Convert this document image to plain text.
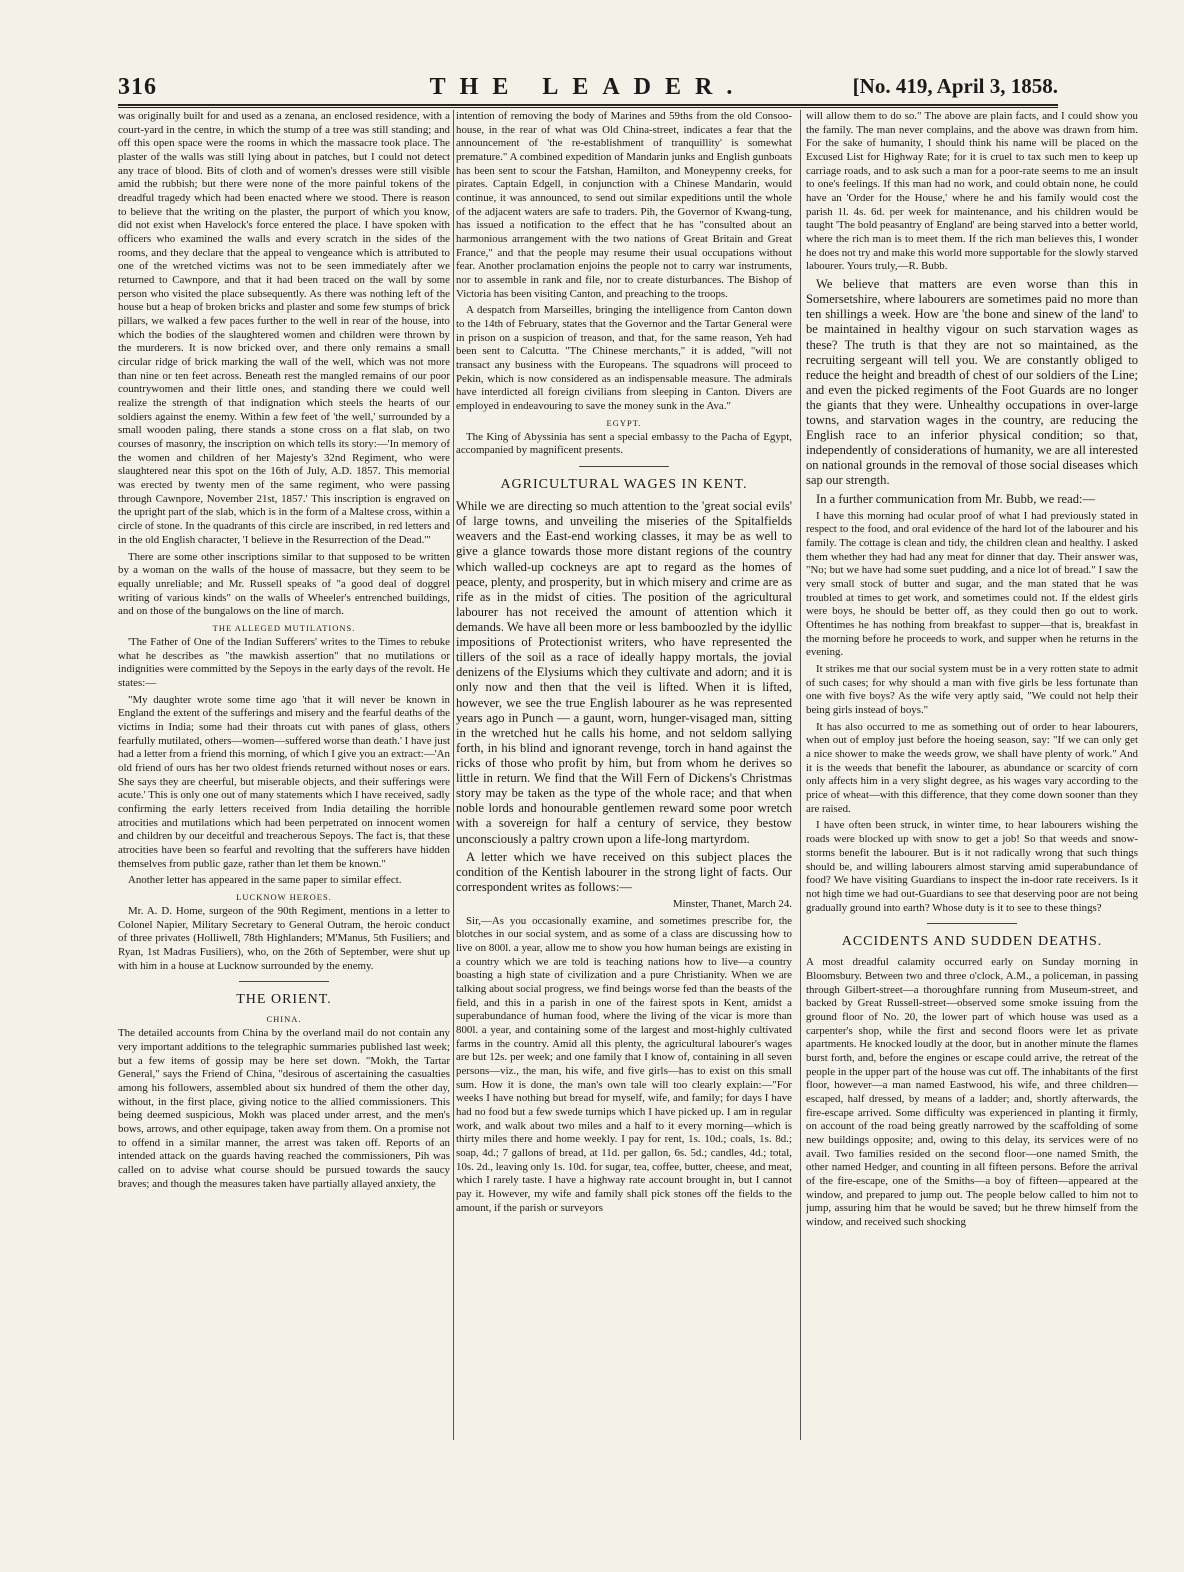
316	THE LEADER.	[No. 419, April 3, 1858.

was originally built for and used as a zenana, an enclosed residence, with a court-yard in the centre, in which the stump of a tree was still standing; and off this open space were the rooms in which the massacre took place. The plaster of the walls was still lying about in patches, but I could not detect any trace of blood. Bits of cloth and of women's dresses were still visible amid the rubbish; but there were none of the more painful tokens of the dreadful tragedy which had been enacted where we stood. There is reason to believe that the writing on the plaster, the purport of which you know, did not exist when Havelock's force entered the place. I have spoken with officers who examined the walls and every scratch in the sides of the rooms, and they declare that the appeal to vengeance which is attributed to one of the wretched victims was not to be seen immediately after we returned to Cawnpore, and that it had been traced on the wall by some person who visited the place subsequently. As there was nothing left of the house but a heap of broken bricks and plaster and some few stumps of brick pillars, we walked a few paces further to the well in rear of the house, into which the bodies of the slaughtered women and children were thrown by the murderers. It is now bricked over, and there only remains a small circular ridge of brick marking the wall of the well, which was not more than nine or ten feet across. Beneath rest the mangled remains of our poor countrywomen and their little ones, and standing there we could well realize the strength of that indignation which steels the hearts of our soldiers against the enemy. Within a few feet of 'the well,' surrounded by a small wooden paling, there stands a stone cross on a flat slab, on two courses of masonry, the inscription on which tells its story:—'In memory of the women and children of her Majesty's 32nd Regiment, who were slaughtered near this spot on the 16th of July, A.D. 1857. This memorial was erected by twenty men of the same regiment, who were passing through Cawnpore, November 21st, 1857.' This inscription is engraved on the upright part of the slab, which is in the form of a Maltese cross, within a circle of stone. In the quadrants of this circle are inscribed, in red letters and in the old English character, 'I believe in the Resurrection of the Dead.'"

There are some other inscriptions similar to that supposed to be written by a woman on the walls of the house of massacre, but they seem to be equally unreliable; and Mr. Russell speaks of "a good deal of doggrel writing of various kinds" on the walls of Wheeler's entrenched buildings, and on those of the bungalows on the line of march.

THE ALLEGED MUTILATIONS.

'The Father of One of the Indian Sufferers' writes to the Times to rebuke what he describes as "the mawkish assertion" that no mutilations or indignities were committed by the Sepoys in the early days of the revolt. He states:—

"My daughter wrote some time ago 'that it will never be known in England the extent of the sufferings and misery and the fearful deaths of the victims in India; some had their throats cut with panes of glass, others fearfully mutilated, others—women—suffered worse than death.' I have just had a letter from a friend this morning, of which I give you an extract:—'An old friend of ours has her two oldest friends returned without noses or ears. She says they are cheerful, but miserable objects, and their sufferings were acute.' This is only one out of many statements which I have received, sadly confirming the early letters received from India detailing the horrible atrocities and mutilations which had been perpetrated on innocent women and children by our deceitful and treacherous Sepoys. The fact is, that these atrocities have been so fearful and revolting that the sufferers have hidden themselves from public gaze, rather than let them be known."

Another letter has appeared in the same paper to similar effect.

LUCKNOW HEROES.

Mr. A. D. Home, surgeon of the 90th Regiment, mentions in a letter to Colonel Napier, Military Secretary to General Outram, the heroic conduct of three privates (Holliwell, 78th Highlanders; M'Manus, 5th Fusiliers; and Ryan, 1st Madras Fusiliers), who, on the 26th of September, were shut up with him in a house at Lucknow surrounded by the enemy.

THE ORIENT.
CHINA.

The detailed accounts from China by the overland mail do not contain any very important additions to the telegraphic summaries published last week; but a few items of gossip may be here set down. "Mokh, the Tartar General," says the Friend of China, "desirous of ascertaining the casualties among his followers, assembled about six hundred of them the other day, without, in the first place, giving notice to the allied commissioners. This being deemed suspicious, Mokh was placed under arrest, and the men's bows, arrows, and other equipage, taken away from them. On a promise not to offend in a similar manner, the arrest was taken off. Reports of an intended attack on the guards having reached the commissioners, Pih was called on to advise what course should be pursued towards the saucy braves; and though the measures taken have partially allayed anxiety, the

intention of removing the body of Marines and 59ths from the old Consoo-house, in the rear of what was Old China-street, indicates a fear that the announcement of 'the re-establishment of tranquillity' is somewhat premature." A combined expedition of Mandarin junks and English gunboats has been sent to scour the Fatshan, Hamilton, and Moneypenny creeks, for pirates. Captain Edgell, in conjunction with a Chinese Mandarin, would continue, it was announced, to send out similar expeditions until the whole of the adjacent waters are safe to traders. Pih, the Governor of Kwang-tung, has issued a notification to the effect that he has "consulted about an harmonious arrangement with the two nations of Great Britain and Great France," and that the people may resume their usual occupations without fear. Another proclamation enjoins the people not to carry war instruments, nor to assemble in rank and file, nor to create disturbances. The Bishop of Victoria has been visiting Canton, and preaching to the troops.

A despatch from Marseilles, bringing the intelligence from Canton down to the 14th of February, states that the Governor and the Tartar General were in prison on a suspicion of treason, and that, for the same reason, Yeh had been sent to Calcutta. "The Chinese merchants," it is added, "will not transact any business with the Europeans. The squadrons will proceed to Pekin, which is now considered as an indispensable measure. The admirals have interdicted all foreign civilians from sleeping in Canton. Divers are employed in endeavouring to save the money sunk in the Ava."

EGYPT.

The King of Abyssinia has sent a special embassy to the Pacha of Egypt, accompanied by magnificent presents.

AGRICULTURAL WAGES IN KENT.

While we are directing so much attention to the 'great social evils' of large towns, and unveiling the miseries of the Spitalfields weavers and the East-end working classes, it may be as well to give a glance towards those more distant regions of the country which walled-up cockneys are apt to regard as the homes of peace, plenty, and prosperity, but in which misery and crime are as rife as in the midst of cities. The position of the agricultural labourer has not received the amount of attention which it demands. We have all been more or less bamboozled by the idyllic impositions of Protectionist writers, who have represented the tillers of the soil as a race of ideally happy mortals, the jovial denizens of the Elysiums which they cultivate and adorn; and it is only now and then that the veil is lifted. When it is lifted, however, we see the true English labourer as he was represented years ago in Punch — a gaunt, worn, hunger-visaged man, sitting in the wretched hut he calls his home, and not seldom sallying forth, in his blind and ignorant revenge, torch in hand against the ricks of those who profit by him, but from whom he derives so little in return. We find that the Will Fern of Dickens's Christmas story may be taken as the type of the whole race; and that when noble lords and honourable gentlemen reward some poor wretch with a sovereign for half a century of service, they bestow unconsciously a paltry crown upon a life-long martyrdom.

A letter which we have received on this subject places the condition of the Kentish labourer in the strong light of facts. Our correspondent writes as follows:—

Minster, Thanet, March 24.

Sir,—As you occasionally examine, and sometimes prescribe for, the blotches in our social system, and as some of a class are discussing how to live on 800l. a year, allow me to show you how human beings are existing in a country which we are told is teaching nations how to live—a country boasting a high state of civilization and a pure Christianity. When we are talking about social progress, we find beings worse fed than the beasts of the field, and this in a parish in one of the fairest spots in Kent, amidst a superabundance of human food, where the living of the vicar is more than 800l. a year, and containing some of the largest and most-highly cultivated farms in the country. Amid all this plenty, the agricultural labourer's wages are but 12s. per week; and one family that I know of, containing in all seven persons—viz., the man, his wife, and five girls—has to exist on this small sum. How it is done, the man's own tale will too clearly explain:—"For weeks I have nothing but bread for myself, wife, and family; for days I have had no food but a few swede turnips which I have picked up. I am in regular work, and walk about two miles and a half to it every morning—which is thirty miles there and home weekly. I pay for rent, 1s. 10d.; coals, 1s. 8d.; soap, 4d.; 7 gallons of bread, at 11d. per gallon, 6s. 5d.; candles, 4d.; total, 10s. 2d., leaving only 1s. 10d. for sugar, tea, coffee, butter, cheese, and meat, which I rarely taste. I have a highway rate account brought in, but I cannot pay it. However, my wife and family shall pick stones off the fields to the amount, if the parish or surveyors

will allow them to do so." The above are plain facts, and I could show you the family. The man never complains, and the above was drawn from him. For the sake of humanity, I should think his name will be placed on the Excused List for Highway Rate; for it is cruel to tax such men to keep up carriage roads, and to ask such a man for a poor-rate seems to me an insult to one's feelings. If this man had no work, and could obtain none, he could have an 'Order for the House,' where he and his family would cost the parish 1l. 4s. 6d. per week for maintenance, and his children would be taught 'The bold peasantry of England' are being starved into a better world, where the rich man is to meet them. If the rich man believes this, I wonder he does not try and make this world more supportable for the slowly starved labourer. Yours truly,—R. Bubb.

We believe that matters are even worse than this in Somersetshire, where labourers are sometimes paid no more than ten shillings a week. How are 'the bone and sinew of the land' to be maintained in healthy vigour on such starvation wages as these? The truth is that they are not so maintained, as the recruiting sergeant will tell you. We are constantly obliged to reduce the height and breadth of chest of our soldiers of the Line; and even the picked regiments of the Foot Guards are no longer the giants that they were. Unhealthy occupations in over-large towns, and starvation wages in the country, are reducing the English race to an inferior physical condition; so that, independently of considerations of humanity, we are all interested on national grounds in the removal of those social diseases which sap our strength.

In a further communication from Mr. Bubb, we read:—

I have this morning had ocular proof of what I had previously stated in respect to the food, and oral evidence of the hard lot of the labourer and his family. The cottage is clean and tidy, the children clean and healthy. I asked them whether they had had any meat for dinner that day. Their answer was, "No; but we have had some suet pudding, and a nice lot of bread." I saw the very small stock of butter and sugar, and the man stated that he was troubled at times to get work, and sometimes could not. If the eldest girls were boys, he should be better off, as they could then go out to work. Oftentimes he has nothing from breakfast to supper—that is, breakfast in the morning before he proceeds to work, and supper when he returns in the evening.

It strikes me that our social system must be in a very rotten state to admit of such cases; for why should a man with five girls be less fortunate than one with five boys? As the wife very aptly said, "We could not help their being girls instead of boys."

It has also occurred to me as something out of order to hear labourers, when out of employ just before the hoeing season, say: "If we can only get a nice shower to make the weeds grow, we shall have plenty of work." And it is the weeds that benefit the labourer, as abundance or scarcity of corn only affects him in a very slight degree, as his wages vary according to the price of wheat—with this difference, that they come down sooner than they are raised.

I have often been struck, in winter time, to hear labourers wishing the roads were blocked up with snow to get a job! So that weeds and snow-storms benefit the labourer. But is it not radically wrong that such things should be, and willing labourers almost starving amid superabundance of food? We have visiting Guardians to inspect the in-door rate receivers. Is it not high time we had out-Guardians to see that deserving poor are not being gradually ground into earth? Whose duty is it to see to these things?

ACCIDENTS AND SUDDEN DEATHS.

A most dreadful calamity occurred early on Sunday morning in Bloomsbury. Between two and three o'clock, A.M., a policeman, in passing through Gilbert-street—a thoroughfare running from Museum-street, and backed by Great Russell-street—observed some smoke issuing from the ground floor of No. 20, the lower part of which house was used as a carpenter's shop, while the first and second floors were let as private apartments. He knocked loudly at the door, but in another minute the flames burst forth, and, before the engines or escape could arrive, the retreat of the people in the upper part of the house was cut off. The inhabitants of the first floor, however—a man named Eastwood, his wife, and three children—escaped, half dressed, by means of a ladder; and, shortly afterwards, the fire-escape arrived. Some difficulty was experienced in planting it firmly, on account of the road being greatly narrowed by the scaffolding of some new buildings opposite; and, owing to this delay, its services were of no avail. Two families resided on the second floor—one named Smith, the other named Hedger, and counting in all fifteen persons. Before the arrival of the fire-escape, one of the Smiths—a boy of fifteen—appeared at the window, and prepared to jump out. The people below called to him not to jump, assuring him that he would be saved; but he threw himself from the window, and received such shocking
